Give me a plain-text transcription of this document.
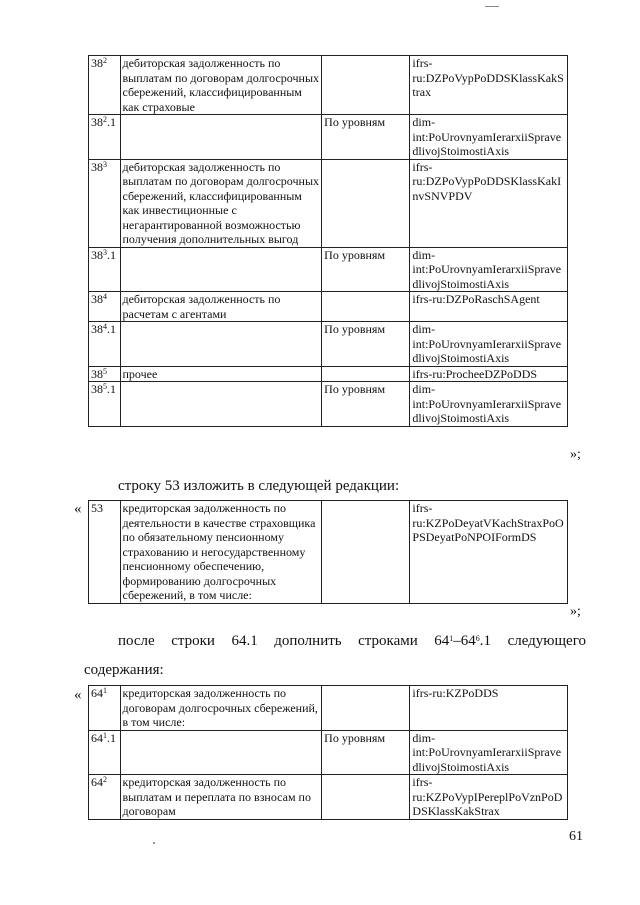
$38^2$	дебиторская задолженность по выплатам по договорам долгосрочных сбережений, классифицированным как страховые		ifrs-ru:DZPoVypPoDDSKlassKakStrax
$38^2.1$		По уровням	dim-int:PoUrovnyamIerarxiiSpravedlivojStoimostiAxis
$38^3$	дебиторская задолженность по выплатам по договорам долгосрочных сбережений, классифицированным как инвестиционные с негарантированной возможностью получения дополнительных выгод		ifrs-ru:DZPoVypPoDDSKlassKakInvSNVPDV
$38^3.1$		По уровням	dim-int:PoUrovnyamIerarxiiSpravedlivojStoimostiAxis
$38^4$	дебиторская задолженность по расчетам с агентами		ifrs-ru:DZPoRaschSAgent
$38^4.1$		По уровням	dim-int:PoUrovnyamIerarxiiSpravedlivojStoimostiAxis
$38^5$	прочее		ifrs-ru:ProcheeDZPoDDS
$38^5.1$		По уровням	dim-int:PoUrovnyamIerarxiiSpravedlivojStoimostiAxis
»;
строку 53 изложить в следующей редакции:
« 53	кредиторская задолженность по деятельности в качестве страховщика по обязательному пенсионному страхованию и негосударственному пенсионному обеспечению, формированию долгосрочных сбережений, в том числе:		ifrs-ru:KZPoDeyatVKachStraxPoOPSDeyatPoNPOIFormDS
»;
после строки 64.1 дополнить строками $64^1-64^6.1$ следующего
содержания:
« $64^1$	кредиторская задолженность по договорам долгосрочных сбережений, в том числе:		ifrs-ru:KZPoDDS
$64^1.1$		По уровням	dim-int:PoUrovnyamIerarxiiSpravedlivojStoimostiAxis
$64^2$	кредиторская задолженность по выплатам и переплата по взносам по договорам		ifrs-ru:KZPoVypIPereplPoVznPoDDSKlassKakStrax
61
